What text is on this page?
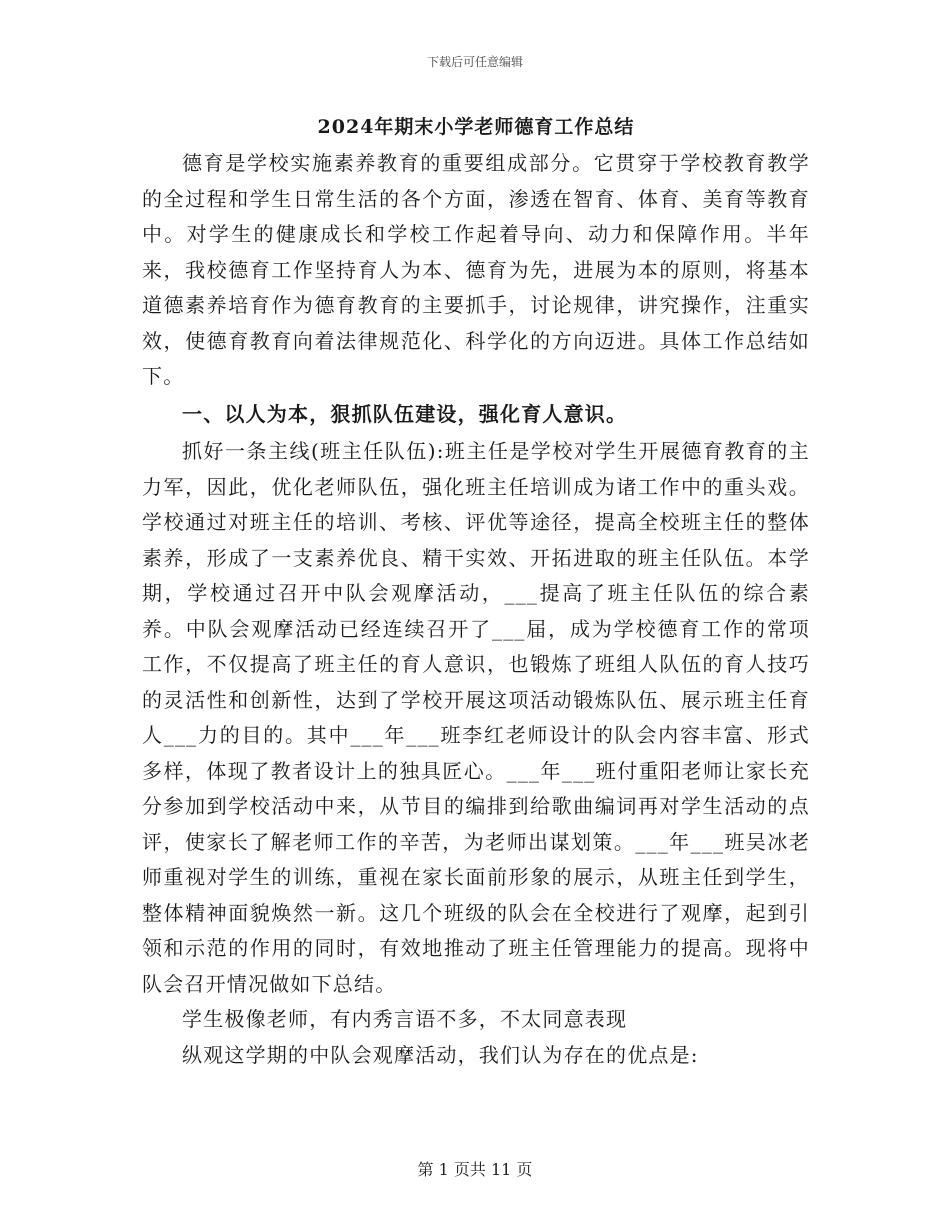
下载后可任意编辑
2024年期末小学老师德育工作总结

德育是学校实施素养教育的重要组成部分。它贯穿于学校教育教学的全过程和学生日常生活的各个方面，渗透在智育、体育、美育等教育中。对学生的健康成长和学校工作起着导向、动力和保障作用。半年来，我校德育工作坚持育人为本、德育为先，进展为本的原则，将基本道德素养培育作为德育教育的主要抓手，讨论规律，讲究操作，注重实效，使德育教育向着法律规范化、科学化的方向迈进。具体工作总结如下。

一、以人为本，狠抓队伍建设，强化育人意识。

抓好一条主线(班主任队伍):班主任是学校对学生开展德育教育的主力军，因此，优化老师队伍，强化班主任培训成为诸工作中的重头戏。学校通过对班主任的培训、考核、评优等途径，提高全校班主任的整体素养，形成了一支素养优良、精干实效、开拓进取的班主任队伍。本学期，学校通过召开中队会观摩活动，___提高了班主任队伍的综合素养。中队会观摩活动已经连续召开了___届，成为学校德育工作的常项工作，不仅提高了班主任的育人意识，也锻炼了班组人队伍的育人技巧的灵活性和创新性，达到了学校开展这项活动锻炼队伍、展示班主任育人___力的目的。其中___年___班李红老师设计的队会内容丰富、形式多样，体现了教者设计上的独具匠心。___年___班付重阳老师让家长充分参加到学校活动中来，从节目的编排到给歌曲编词再对学生活动的点评，使家长了解老师工作的辛苦，为老师出谋划策。___年___班吴冰老师重视对学生的训练，重视在家长面前形象的展示，从班主任到学生，整体精神面貌焕然一新。这几个班级的队会在全校进行了观摩，起到引领和示范的作用的同时，有效地推动了班主任管理能力的提高。现将中队会召开情况做如下总结。

学生极像老师，有内秀言语不多，不太同意表现

纵观这学期的中队会观摩活动，我们认为存在的优点是:

第 1 页共 11 页
